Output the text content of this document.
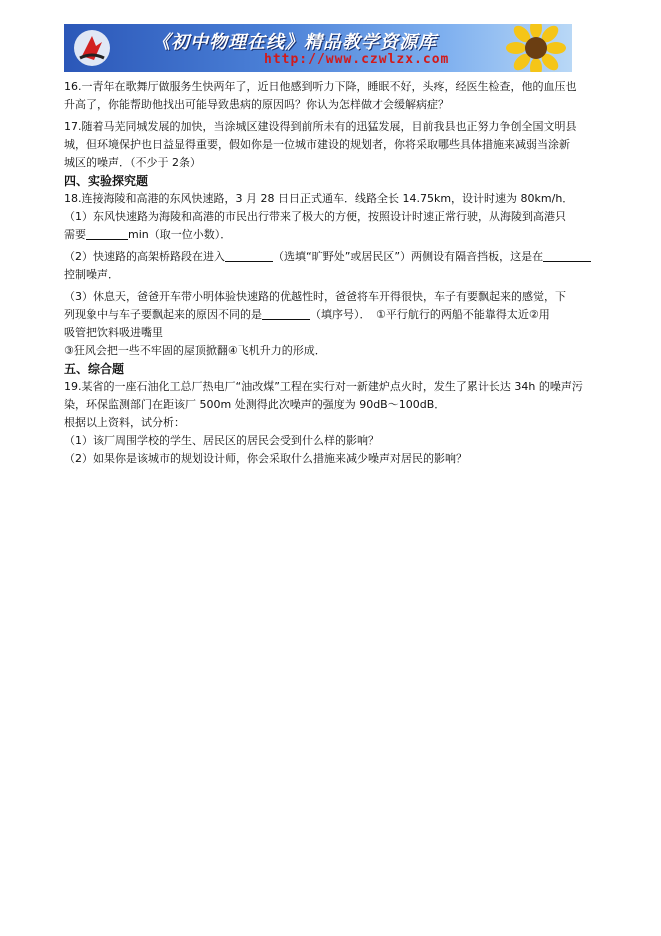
《初中物理在线》精品教学资源库
http://www.czwlzx.com

16.一青年在歌舞厅做服务生快两年了，近日他感到听力下降，睡眠不好，头疼，经医生检查，他的血压也

升高了，你能帮助他找出可能导致患病的原因吗？你认为怎样做才会缓解病症？

17.随着马芜同城发展的加快，当涂城区建设得到前所未有的迅猛发展，目前我县也正努力争创全国文明县

城，但环境保护也日益显得重要，假如你是一位城市建设的规划者，你将采取哪些具体措施来减弱当涂新

城区的噪声．（不少于 2条）

四、实验探究题

18.连接海陵和高港的东风快速路，3 月 28 日日正式通车．线路全长 14.75km，设计时速为 80km/h．

（1）东风快速路为海陵和高港的市民出行带来了极大的方便，按照设计时速正常行驶，从海陵到高港只

需要	min（取一位小数）．

（2）快速路的高架桥路段在进入	（选填“旷野处”或居民区”）两侧设有隔音挡板，这是在

控制噪声．

（3）休息天，爸爸开车带小明体验快速路的优越性时，爸爸将车开得很快，车子有要飘起来的感觉，下

列现象中与车子要飘起来的原因不同的是	（填序号）．　①平行航行的两船不能靠得太近②用

吸管把饮料吸进嘴里

③狂风会把一些不牢固的屋顶掀翻④飞机升力的形成．

五、综合题

19.某省的一座石油化工总厂热电厂“油改煤”工程在实行对一新建炉点火时，发生了累计长达 34h 的噪声污

染，环保监测部门在距该厂 500m 处测得此次噪声的强度为 90dB～100dB．

根据以上资料，试分析：

（1）该厂周围学校的学生、居民区的居民会受到什么样的影响？

（2）如果你是该城市的规划设计师，你会采取什么措施来减少噪声对居民的影响？
